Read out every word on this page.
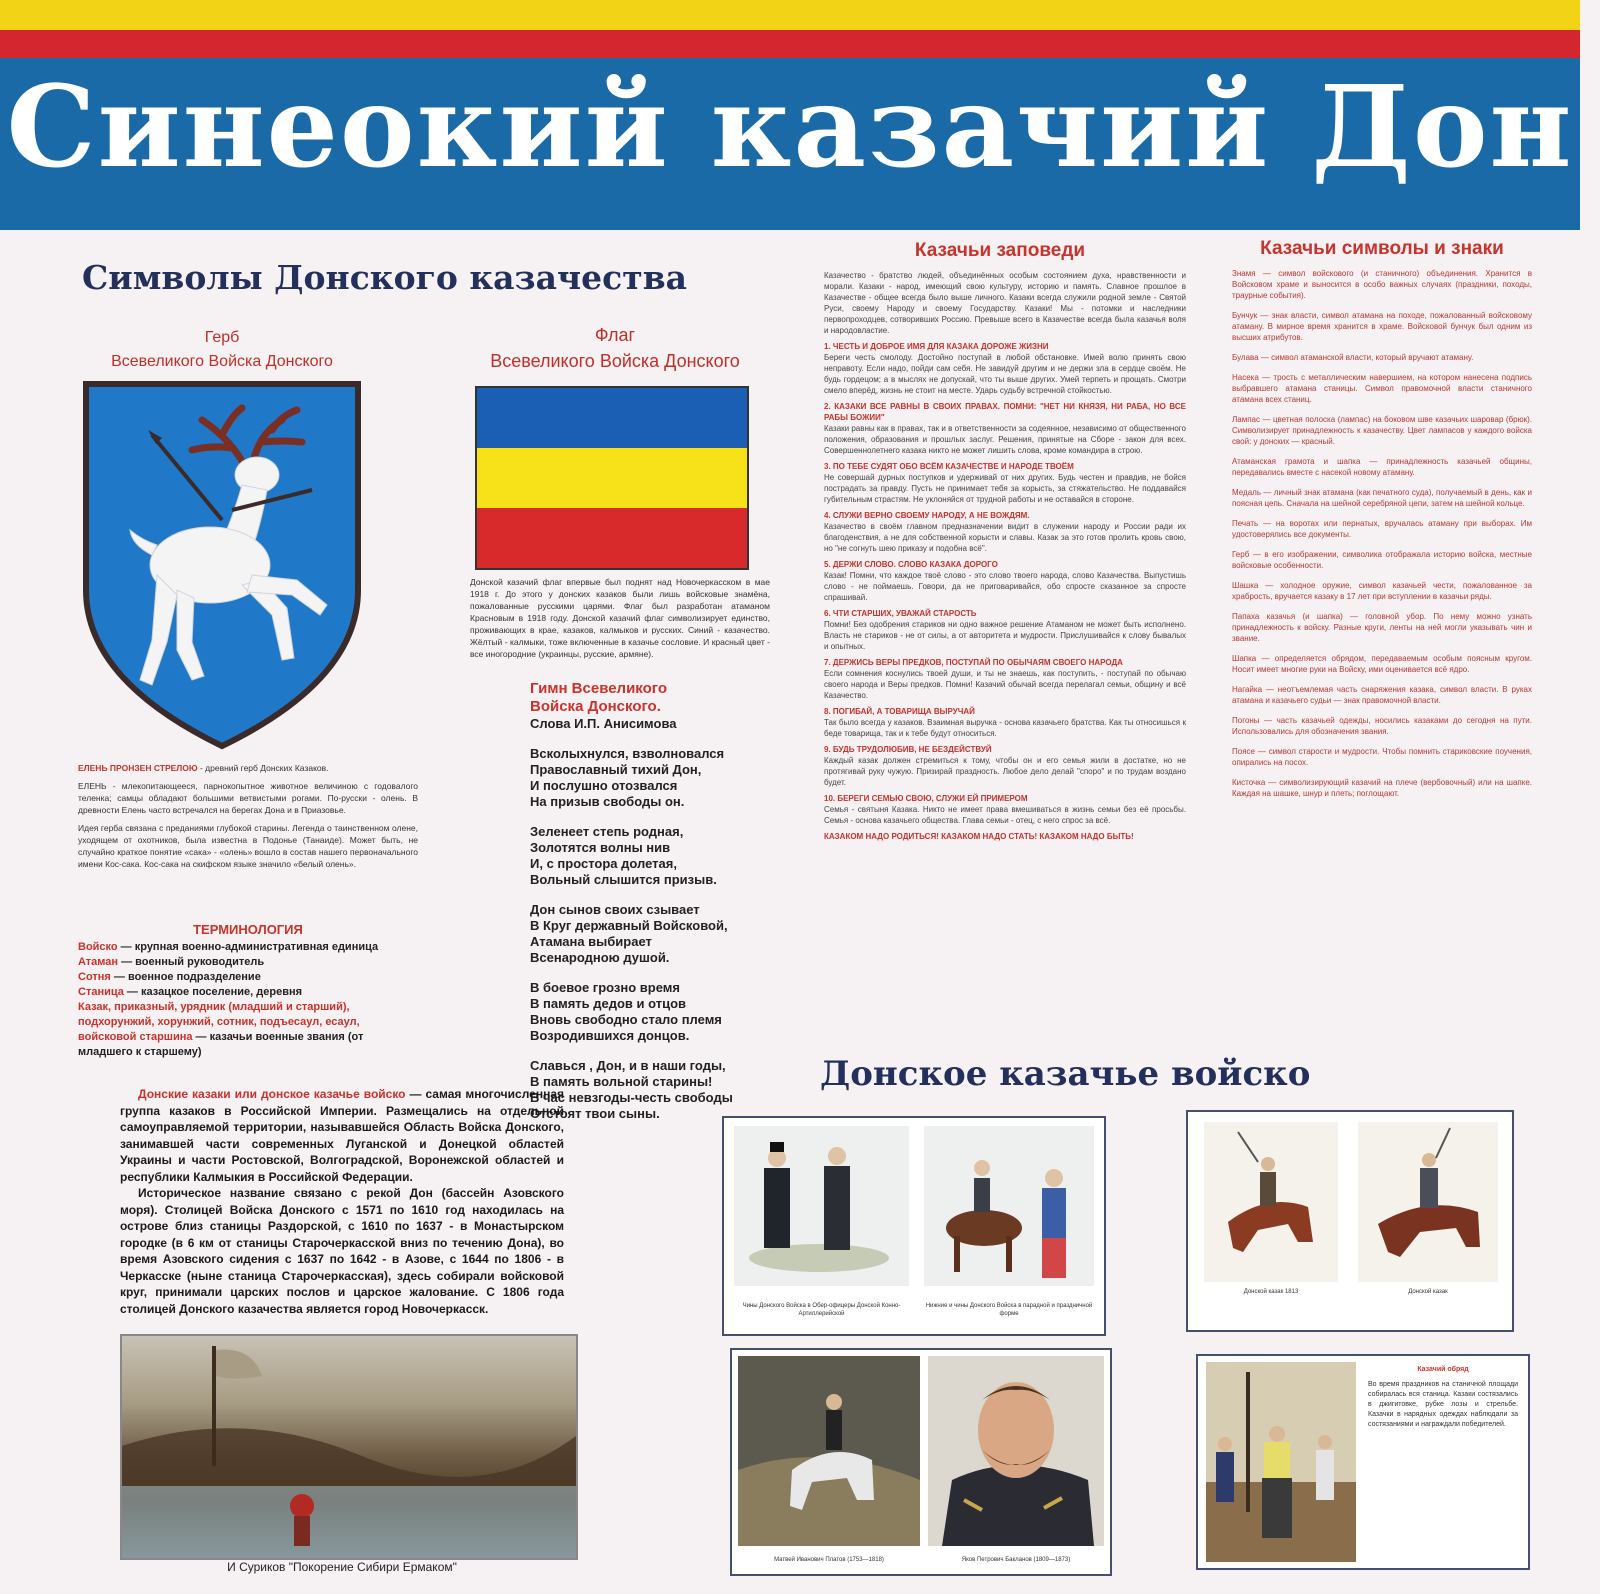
Синеокий казачий Дон
Символы Донского казачества
Герб
Всевеликого Войска Донского
Флаг
Всевеликого Войска Донского
Донской казачий флаг впервые был поднят над Новочеркасском в мае 1918 г. До этого у донских казаков были лишь войсковые знамёна, пожалованные русскими царями. Флаг был разработан атаманом Красновым в 1918 году. Донской казачий флаг символизирует единство, проживающих в крае, казаков, калмыков и русских. Синий - казачество. Жёлтый - калмыки, тоже включенные в казачье сословие. И красный цвет - все иногородние (украинцы, русские, армяне).

ЕЛЕНЬ ПРОНЗЕН СТРЕЛОЮ - древний герб Донских Казаков.

ЕЛЕНЬ - млекопитающееся, парнокопытное животное величиною с годовалого теленка; самцы обладают большими ветвистыми рогами. По-русски - олень. В древности Елень часто встречался на берегах Дона и в Приазовье.

Идея герба связана с преданиями глубокой старины. Легенда о таинственном олене, уходящем от охотников, была известна в Подонье (Танаиде). Может быть, не случайно краткое понятие «сака» - «олень» вошло в состав нашего первоначального имени Кос-сака. Кос-сака на скифском языке значило «белый олень».

ТЕРМИНОЛОГИЯ
Войско — крупная военно-административная единица
Атаман — военный руководитель
Сотня — военное подразделение
Станица — казацкое поселение, деревня
Казак, приказный, урядник (младший и старший), подхорунжий, хорунжий, сотник, подъесаул, есаул, войсковой старшина — казачьи военные звания (от младшего к старшему)
Гимн Всевеликого
Войска Донского.
Слова И.П. Анисимова
Всколыхнулся, взволновался
Православный тихий Дон,
И послушно отозвался
На призыв свободы он.
Зеленеет степь родная,
Золотятся волны нив
И, с простора долетая,
Вольный слышится призыв.
Дон сынов своих сзывает
В Круг державный Войсковой,
Атамана выбирает
Всенародною душой.
В боевое грозно время
В память дедов и отцов
Вновь свободно стало племя
Возродившихся донцов.
Славься , Дон, и в наши годы,
В память вольной старины!
В час невзгоды-честь свободы
Отстоят твои сыны.

Донские казаки или донское казачье войско — самая многочисленная группа казаков в Российской Империи. Размещались на отдельной самоуправляемой территории, называвшейся Область Войска Донского, занимавшей части современных Луганской и Донецкой областей Украины и части Ростовской, Волгоградской, Воронежской областей и республики Калмыкия в Российской Федерации.

Историческое название связано с рекой Дон (бассейн Азовского моря). Столицей Войска Донского с 1571 по 1610 год находилась на острове близ станицы Раздорской, с 1610 по 1637 - в Монастырском городке (в 6 км от станицы Старочеркасской вниз по течению Дона), во время Азовского сидения с 1637 по 1642 - в Азове, с 1644 по 1806 - в Черкасске (ныне станица Старочеркасская), здесь собирали войсковой круг, принимали царских послов и царское жалование. С 1806 года столицей Донского казачества является город Новочеркасск.

И Суриков "Покорение Сибири Ермаком"
Казачьи заповеди

Казачество - братство людей, объединённых особым состоянием духа, нравственности и морали. Казаки - народ, имеющий свою культуру, историю и память. Славное прошлое в Казачестве - общее всегда было выше личного. Казаки всегда служили родной земле - Святой Руси, своему Народу и своему Государству. Казаки! Мы - потомки и наследники первопроходцев, сотворивших Россию. Превыше всего в Казачестве всегда была казачья воля и народовластие.

1. ЧЕСТЬ И ДОБРОЕ ИМЯ ДЛЯ КАЗАКА ДОРОЖЕ ЖИЗНИ
Береги честь смолоду. Достойно поступай в любой обстановке. Имей волю принять свою неправоту. Если надо, пойди сам себя. Не завидуй другим и не держи зла в сердце своём. Не будь гордецом; а в мыслях не допускай, что ты выше других. Умей терпеть и прощать. Смотри смело вперёд, жизнь не стоит на месте. Ударь судьбу встречной стойкостью.

2. КАЗАКИ ВСЕ РАВНЫ В СВОИХ ПРАВАХ. ПОМНИ: "НЕТ НИ КНЯЗЯ, НИ РАБА, НО ВСЕ РАБЫ БОЖИИ"
Казаки равны как в правах, так и в ответственности за содеянное, независимо от общественного положения, образования и прошлых заслуг. Решения, принятые на Сборе - закон для всех. Совершеннолетнего казака никто не может лишить слова, кроме командира в строю.

3. ПО ТЕБЕ СУДЯТ ОБО ВСЁМ КАЗАЧЕСТВЕ И НАРОДЕ ТВОЁМ
Не совершай дурных поступков и удерживай от них других. Будь честен и правдив, не бойся пострадать за правду. Пусть не принимает тебя за корысть, за стяжательство. Не поддавайся губительным страстям. Не уклоняйся от трудной работы и не оставайся в стороне.

4. СЛУЖИ ВЕРНО СВОЕМУ НАРОДУ, А НЕ ВОЖДЯМ.
Казачество в своём главном предназначении видит в служении народу и России ради их благоденствия, а не для собственной корысти и славы. Казак за это готов пролить кровь свою, но "не согнуть шею приказу и подобна всё".

5. ДЕРЖИ СЛОВО. СЛОВО КАЗАКА ДОРОГО
Казак! Помни, что каждое твоё слово - это слово твоего народа, слово Казачества. Выпустишь слово - не поймаешь. Говори, да не приговаривайся, обо спросте сказанное за спросте спрашивай.

6. ЧТИ СТАРШИХ, УВАЖАЙ СТАРОСТЬ
Помни! Без одобрения стариков ни одно важное решение Атаманом не может быть исполнено. Власть не стариков - не от силы, а от авторитета и мудрости. Прислушивайся к слову бывалых и опытных.

7. ДЕРЖИСЬ ВЕРЫ ПРЕДКОВ, ПОСТУПАЙ ПО ОБЫЧАЯМ СВОЕГО НАРОДА
Если сомнения коснулись твоей души, и ты не знаешь, как поступить, - поступай по обычаю своего народа и Веры предков. Помни! Казачий обычай всегда перелагал семьи, общину и всё Казачество.

8. ПОГИБАЙ, А ТОВАРИЩА ВЫРУЧАЙ
Так было всегда у казаков. Взаимная выручка - основа казачьего братства. Как ты относишься к беде товарища, так и к тебе будут относиться.

9. БУДЬ ТРУДОЛЮБИВ, НЕ БЕЗДЕЙСТВУЙ
Каждый казак должен стремиться к тому, чтобы он и его семья жили в достатке, но не протягивай руку чужую. Призирай праздность. Любое дело делай "споро" и по трудам воздано будет.

10. БЕРЕГИ СЕМЬЮ СВОЮ, СЛУЖИ ЕЙ ПРИМЕРОМ
Семья - святыня Казака. Никто не имеет права вмешиваться в жизнь семьи без её просьбы. Семья - основа казачьего общества. Глава семьи - отец, с него спрос за всё.

КАЗАКОМ НАДО РОДИТЬСЯ! КАЗАКОМ НАДО СТАТЬ! КАЗАКОМ НАДО БЫТЬ!

Казачьи символы и знаки

Знамя — символ войскового (и станичного) объединения. Хранится в Войсковом храме и выносится в особо важных случаях (праздники, походы, траурные события).

Бунчук — знак власти, символ атамана на походе, пожалованный войсковому атаману. В мирное время хранится в храме. Войсковой бунчук был одним из высших атрибутов.

Булава — символ атаманской власти, который вручают атаману.

Насека — трость с металлическим навершием, на котором нанесена подпись выбравшего атамана станицы. Символ правомочной власти станичного атамана всех станиц.

Лампас — цветная полоска (лампас) на боковом шве казачьих шаровар (брюк). Символизирует принадлежность к казачеству. Цвет лампасов у каждого войска свой: у донских — красный.

Атаманская грамота и шапка — принадлежность казачьей общины, передавались вместе с насекой новому атаману.

Медаль — личный знак атамана (как печатного суда), получаемый в день, как и поясная цепь. Сначала на шейной серебряной цепи, затем на шейной кольце.

Печать — на воротах или пернатых, вручалась атаману при выборах. Им удостоверялись все документы.

Герб — в его изображении, символика отображала историю войска, местные войсковые особенности.

Шашка — холодное оружие, символ казачьей чести, пожалованное за храбрость, вручается казаку в 17 лет при вступлении в казачьи ряды.

Папаха казачья (и шапка) — головной убор. По нему можно узнать принадлежность к войску. Разные круги, ленты на ней могли указывать чин и звание.

Шапка — определяется обрядом, передаваемым особым поясным кругом. Носит имеет многие руки на Войску, ими оценивается всё ядро.

Нагайка — неотъемлемая часть снаряжения казака, символ власти. В руках атамана и казачьего судьи — знак правомочной власти.

Погоны — часть казачьей одежды, носились казаками до сегодня на пути. Использовались для обозначения звания.

Поясе — символ старости и мудрости. Чтобы помнить стариковские поучения, опирались на посох.

Кисточка — символизирующий казачий на плече (вербовочный) или на шапке. Каждая на шашке, шнур и плеть; поглощают.

Донское казачье войско
Чины Донского Войска в Обер-офицеры Донской Конно-Артиллерийской
Нижние и чины Донского Войска в парадной и праздничной форме
Донской казак 1813	Донской казак
Матвей Иванович Платов (1753—1818)	Яков Петрович Бакланов (1809—1873)
Казачий обряд
Во время праздников на станичной площади собиралась вся станица. Казаки состязались в джигитовке, рубке лозы и стрельбе. Казачки в нарядных одеждах наблюдали за состязаниями и награждали победителей.
